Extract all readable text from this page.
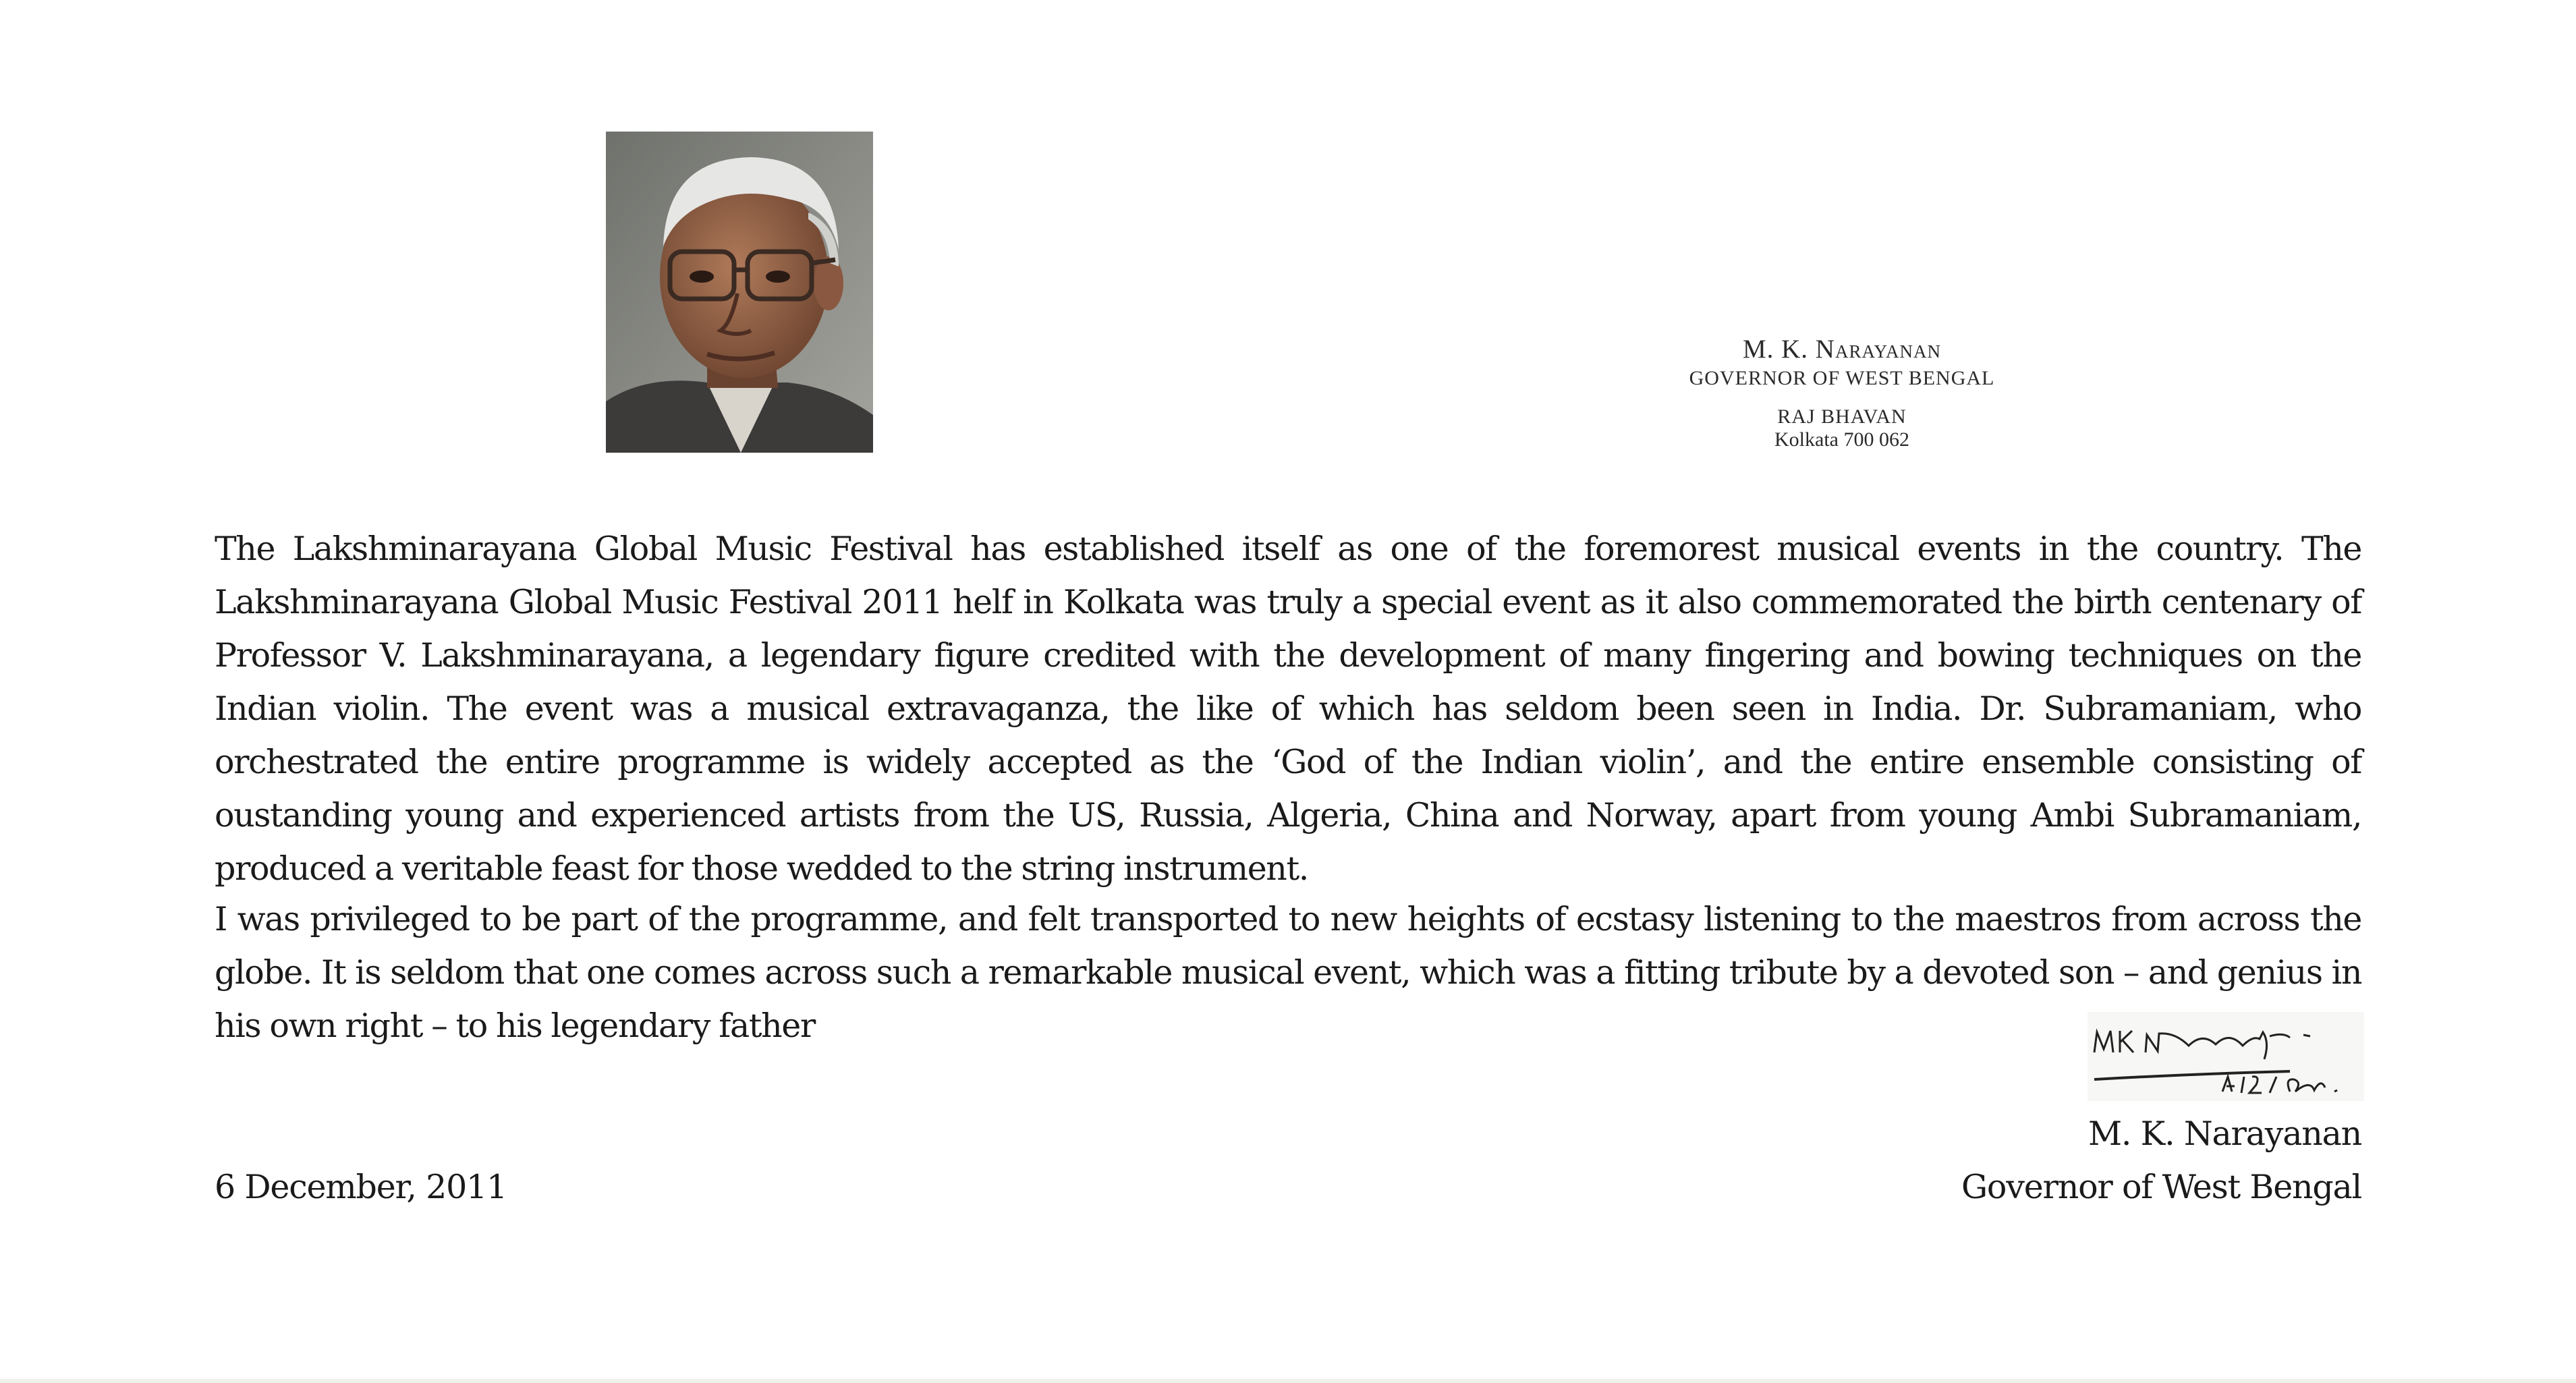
M. K. Narayanan
GOVERNOR OF WEST BENGAL
RAJ BHAVAN
Kolkata 700 062

The Lakshminarayana Global Music Festival has established itself as one of the foremorest musical events in the country. The Lakshminarayana Global Music Festival 2011 helf in Kolkata was truly a special event as it also commemorated the birth centenary of Professor V. Lakshminarayana, a legendary figure credited with the development of many fingering and bowing techniques on the Indian violin. The event was a musical extravaganza, the like of which has seldom been seen in India. Dr. Subramaniam, who orchestrated the entire programme is widely accepted as the ‘God of the Indian violin’, and the entire ensemble consisting of oustanding young and experienced artists from the US, Russia, Algeria, China and Norway, apart from young Ambi Subramaniam, produced a veritable feast for those wedded to the string instrument.

I was privileged to be part of the programme, and felt transported to new heights of ecstasy listening to the maestros from across the globe. It is seldom that one comes across such a remarkable musical event, which was a fitting tribute by a devoted son – and genius in his own right – to his legendary father

M. K. Narayanan
Governor of West Bengal
6 December, 2011
